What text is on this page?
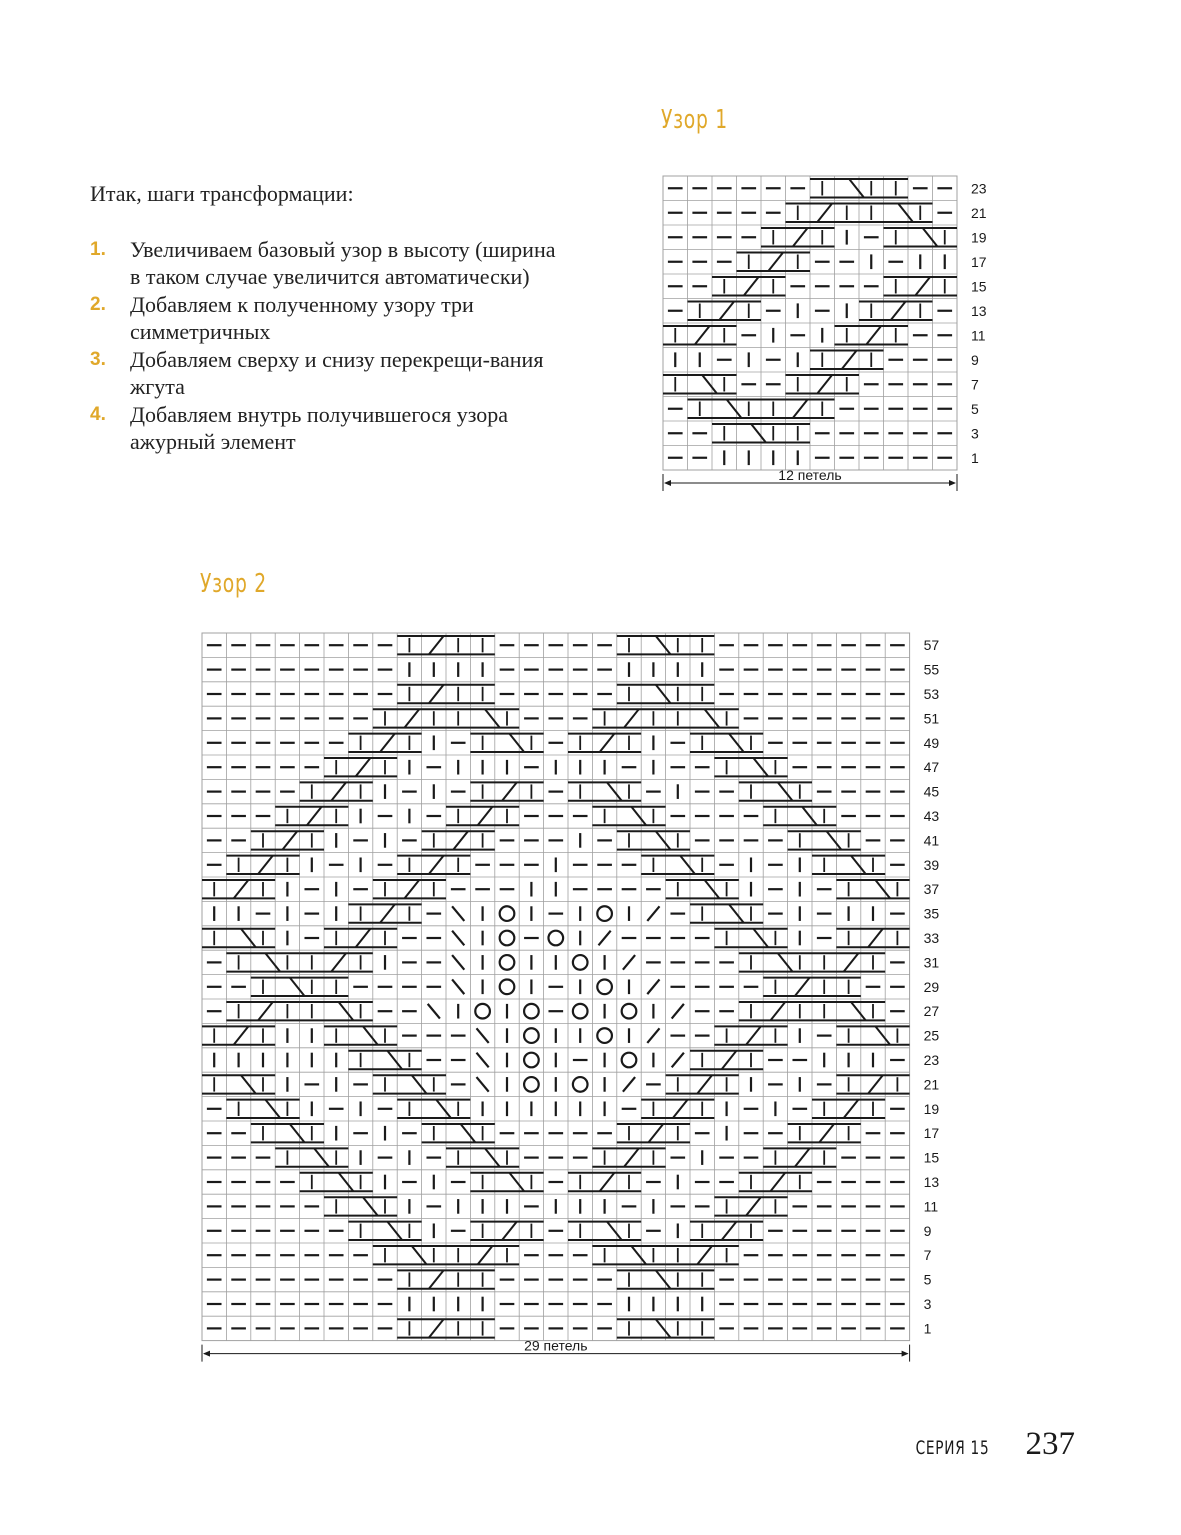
Узор 1

Итак, шаги трансформации:

1. Увеличиваем базовый узор в высоту (ширина в таком случае увеличится автоматически)
2. Добавляем к полученному узору три симметричных
3. Добавляем сверху и снизу перекрещи-вания жгута
4. Добавляем внутрь получившегося узора ажурный элемент
23
21
19
17
15
13
11
9
7
5
3
1
12 петель
Узор 2
57
55
53
51
49
47
45
43
41
39
37
35
33
31
29
27
25
23
21
19
17
15
13
11
9
7
5
3
1
29 петель
СЕРИЯ 15 237
